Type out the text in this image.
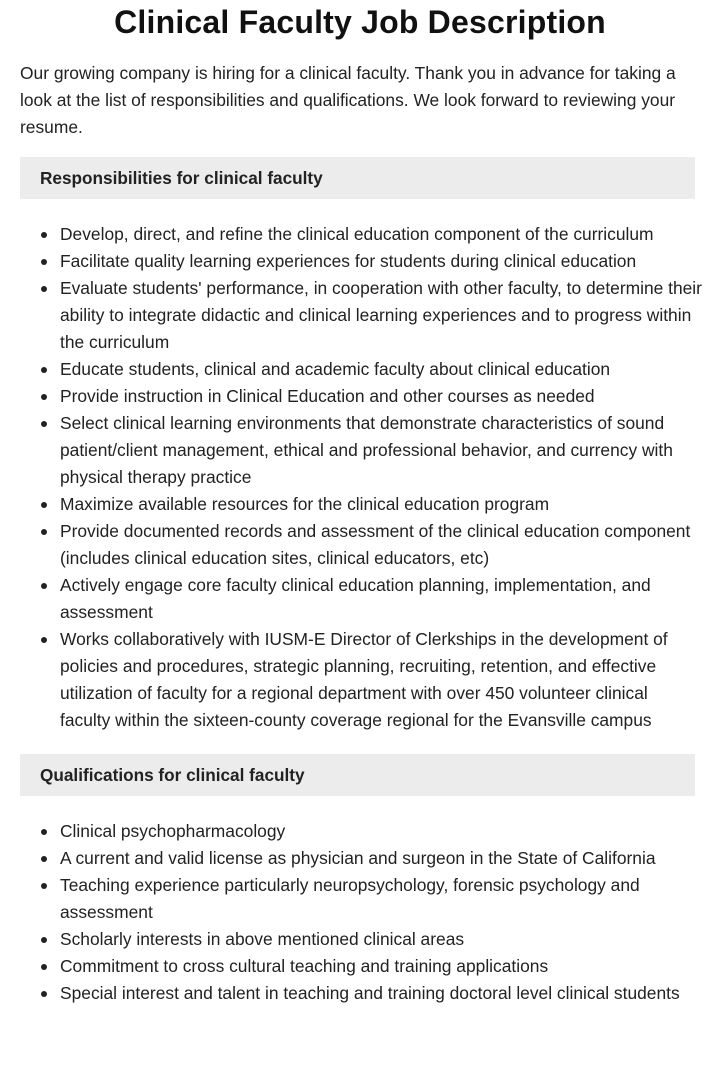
Clinical Faculty Job Description

Our growing company is hiring for a clinical faculty. Thank you in advance for taking a look at the list of responsibilities and qualifications. We look forward to reviewing your resume.

Responsibilities for clinical faculty
Develop, direct, and refine the clinical education component of the curriculum
Facilitate quality learning experiences for students during clinical education
Evaluate students' performance, in cooperation with other faculty, to determine their ability to integrate didactic and clinical learning experiences and to progress within the curriculum
Educate students, clinical and academic faculty about clinical education
Provide instruction in Clinical Education and other courses as needed
Select clinical learning environments that demonstrate characteristics of sound patient/client management, ethical and professional behavior, and currency with physical therapy practice
Maximize available resources for the clinical education program
Provide documented records and assessment of the clinical education component (includes clinical education sites, clinical educators, etc)
Actively engage core faculty clinical education planning, implementation, and assessment
Works collaboratively with IUSM-E Director of Clerkships in the development of policies and procedures, strategic planning, recruiting, retention, and effective utilization of faculty for a regional department with over 450 volunteer clinical faculty within the sixteen-county coverage regional for the Evansville campus
Qualifications for clinical faculty
Clinical psychopharmacology
A current and valid license as physician and surgeon in the State of California
Teaching experience particularly neuropsychology, forensic psychology and assessment
Scholarly interests in above mentioned clinical areas
Commitment to cross cultural teaching and training applications
Special interest and talent in teaching and training doctoral level clinical students
